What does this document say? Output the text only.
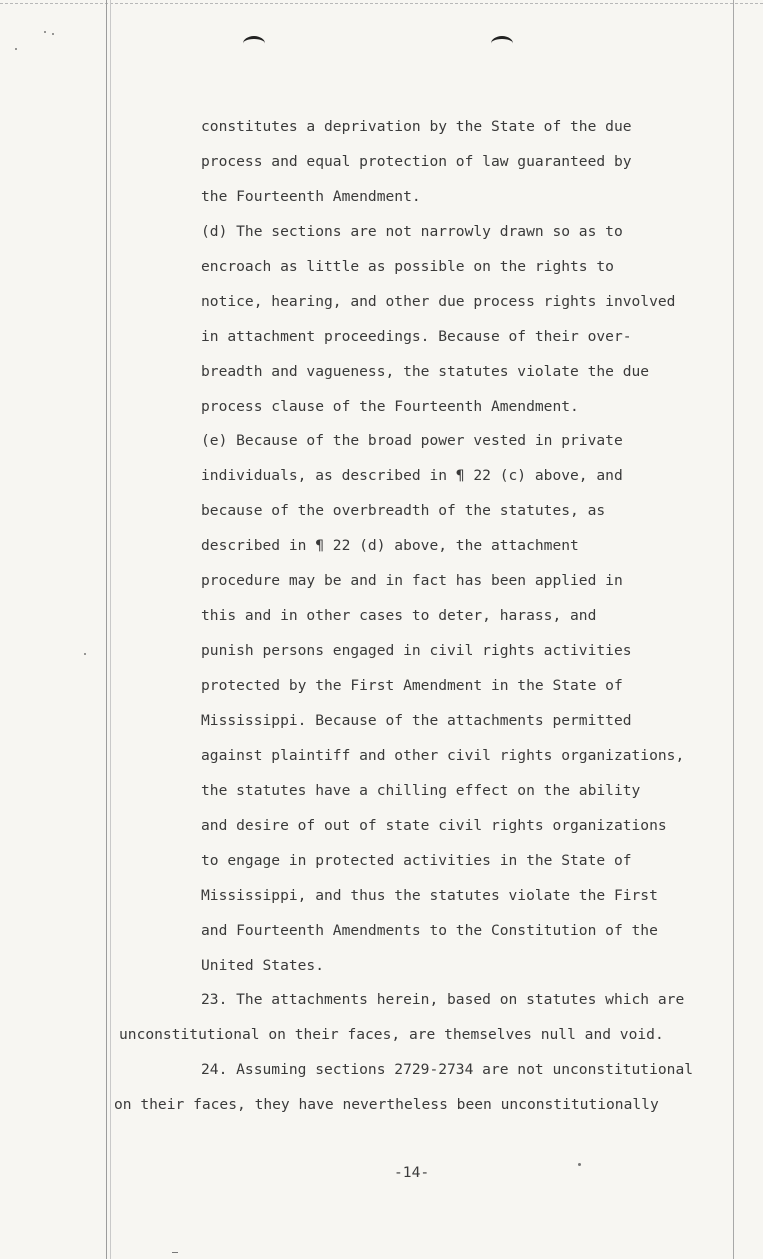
constitutes a deprivation by the State of the due
process and equal protection of law guaranteed by
the Fourteenth Amendment.
(d) The sections are not narrowly drawn so as to
encroach as little as possible on the rights to
notice, hearing, and other due process rights involved
in attachment proceedings. Because of their over-
breadth and vagueness, the statutes violate the due
process clause of the Fourteenth Amendment.
(e) Because of the broad power vested in private
individuals, as described in ¶ 22 (c) above, and
because of the overbreadth of the statutes, as
described in ¶ 22 (d) above, the attachment
procedure may be and in fact has been applied in
this and in other cases to deter, harass, and
punish persons engaged in civil rights activities
protected by the First Amendment in the State of
Mississippi. Because of the attachments permitted
against plaintiff and other civil rights organizations,
the statutes have a chilling effect on the ability
and desire of out of state civil rights organizations
to engage in protected activities in the State of
Mississippi, and thus the statutes violate the First
and Fourteenth Amendments to the Constitution of the
United States.
23. The attachments herein, based on statutes which are
unconstitutional on their faces, are themselves null and void.
24. Assuming sections 2729-2734 are not unconstitutional
on their faces, they have nevertheless been unconstitutionally
-14-
